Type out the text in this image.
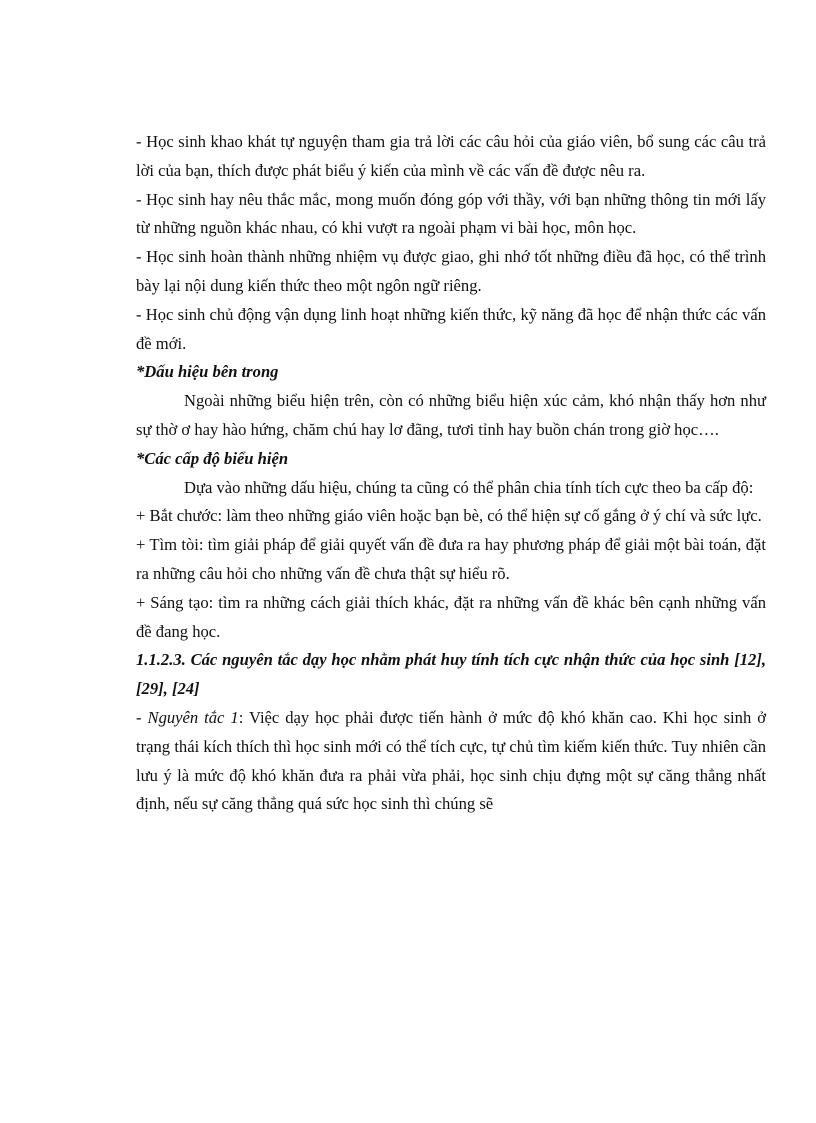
- Học sinh khao khát tự nguyện tham gia trả lời các câu hỏi của giáo viên, bổ sung các câu trả lời của bạn, thích được phát biểu ý kiến của mình về các vấn đề được nêu ra.

- Học sinh hay nêu thắc mắc, mong muốn đóng góp với thầy, với bạn những thông tin mới lấy từ những nguồn khác nhau, có khi vượt ra ngoài phạm vi bài học, môn học.

- Học sinh hoàn thành những nhiệm vụ được giao, ghi nhớ tốt những điều đã học, có thể trình bày lại nội dung kiến thức theo một ngôn ngữ riêng.

- Học sinh chủ động vận dụng linh hoạt những kiến thức, kỹ năng đã học để nhận thức các vấn đề mới.

*Dấu hiệu bên trong

Ngoài những biểu hiện trên, còn có những biểu hiện xúc cảm, khó nhận thấy hơn như sự thờ ơ hay hào hứng, chăm chú hay lơ đãng, tươi tỉnh hay buồn chán trong giờ học….

*Các cấp độ biểu hiện

Dựa vào những dấu hiệu, chúng ta cũng có thể phân chia tính tích cực theo ba cấp độ:

+ Bắt chước: làm theo những giáo viên hoặc bạn bè, có thể hiện sự cố gắng ở ý chí và sức lực.

+ Tìm tòi: tìm giải pháp để giải quyết vấn đề đưa ra hay phương pháp để giải một bài toán, đặt ra những câu hỏi cho những vấn đề chưa thật sự hiểu rõ.

+ Sáng tạo: tìm ra những cách giải thích khác, đặt ra những vấn đề khác bên cạnh những vấn đề đang học.

1.1.2.3. Các nguyên tắc dạy học nhằm phát huy tính tích cực nhận thức của học sinh [12], [29], [24]

- Nguyên tắc 1: Việc dạy học phải được tiến hành ở mức độ khó khăn cao. Khi học sinh ở trạng thái kích thích thì học sinh mới có thể tích cực, tự chủ tìm kiếm kiến thức. Tuy nhiên cần lưu ý là mức độ khó khăn đưa ra phải vừa phải, học sinh chịu đựng một sự căng thẳng nhất định, nếu sự căng thẳng quá sức học sinh thì chúng sẽ
